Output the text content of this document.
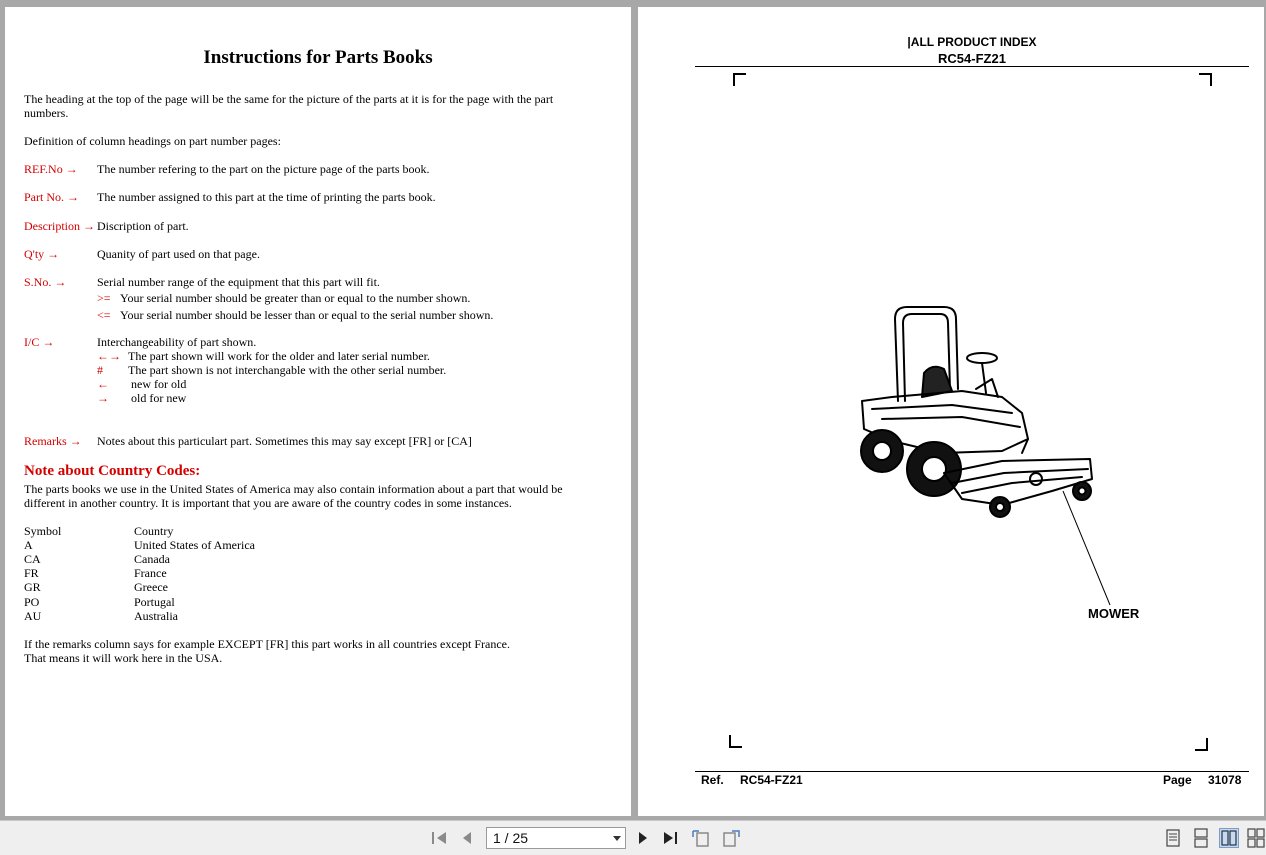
Instructions for Parts Books
The heading at the top of the page will be the same for the picture of the parts at it is for the page with the part
numbers.
Definition of column headings on part number pages:
REF.No → The number refering to the part on the picture page of the parts book.
Part No. → The number assigned to this part at the time of printing the parts book.
Description → Discription of part.
Q'ty →	Quanity of part used on that page.
S.No. →	Serial number range of the equipment that this part will fit.
>= Your serial number should be greater than or equal to the number shown.
<= Your serial number should be lesser than or equal to the serial number shown.
I/C →	Interchangeability of part shown.
←→ The part shown will work for the older and later serial number.
# The part shown is not interchangable with the other serial number.
← new for old
→ old for new
Remarks → Notes about this particulart part. Sometimes this may say except [FR] or [CA]
Note about Country Codes:
The parts books we use in the United States of America may also contain information about a part that would be
different in another country. It is important that you are aware of the country codes in some instances.
Symbol	Country
A	United States of America
CA	Canada
FR	France
GR	Greece
PO	Portugal
AU	Australia
If the remarks column says for example EXCEPT [FR] this part works in all countries except France.
That means it will work here in the USA.
|ALL PRODUCT INDEX
RC54-FZ21
MOWER
Ref. RC54-FZ21	Page 31078
1 / 25
